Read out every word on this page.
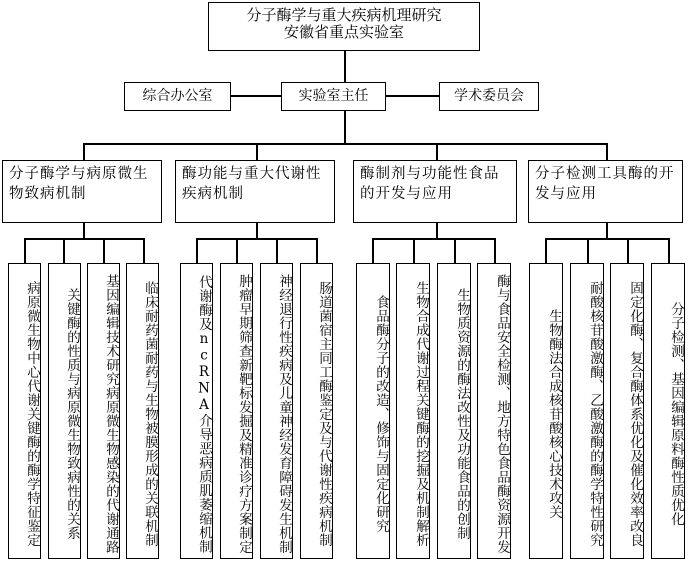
分子酶学与重大疾病机理研究
安徽省重点实验室
综合办公室	实验室主任	学术委员会
分子酶学与病原微生物致病机制
酶功能与重大代谢性疾病机制
酶制剂与功能性食品的开发与应用
分子检测工具酶的开发与应用
病原微生物中心代谢关键酶的酶学特征鉴定	关键酶的性质与病原微生物致病性的关系	基因编辑技术研究病原微生物感染的代谢通路	临床耐药菌耐药与生物被膜形成的关联机制	代谢酶及ncRNA介导恶病质肌萎缩机制	肿瘤早期筛查新靶标发掘及精准诊疗方案制定	神经退行性疾病及儿童神经发育障碍发生机制	肠道菌宿主同工酶鉴定及与代谢性疾病机制	食品酶分子的改造、修饰与固定化研究	生物合成代谢过程关键酶的挖掘及机制解析	生物质资源的酶法改性及功能食品的创制	酶与食品安全检测、地方特色食品酶资源开发	生物酶法合成核苷酸核心技术攻关	耐酸核苷酸激酶、乙酸激酶的酶学特性研究	固定化酶、复合酶体系优化及催化效率改良	分子检测、基因编辑原料酶性质优化
